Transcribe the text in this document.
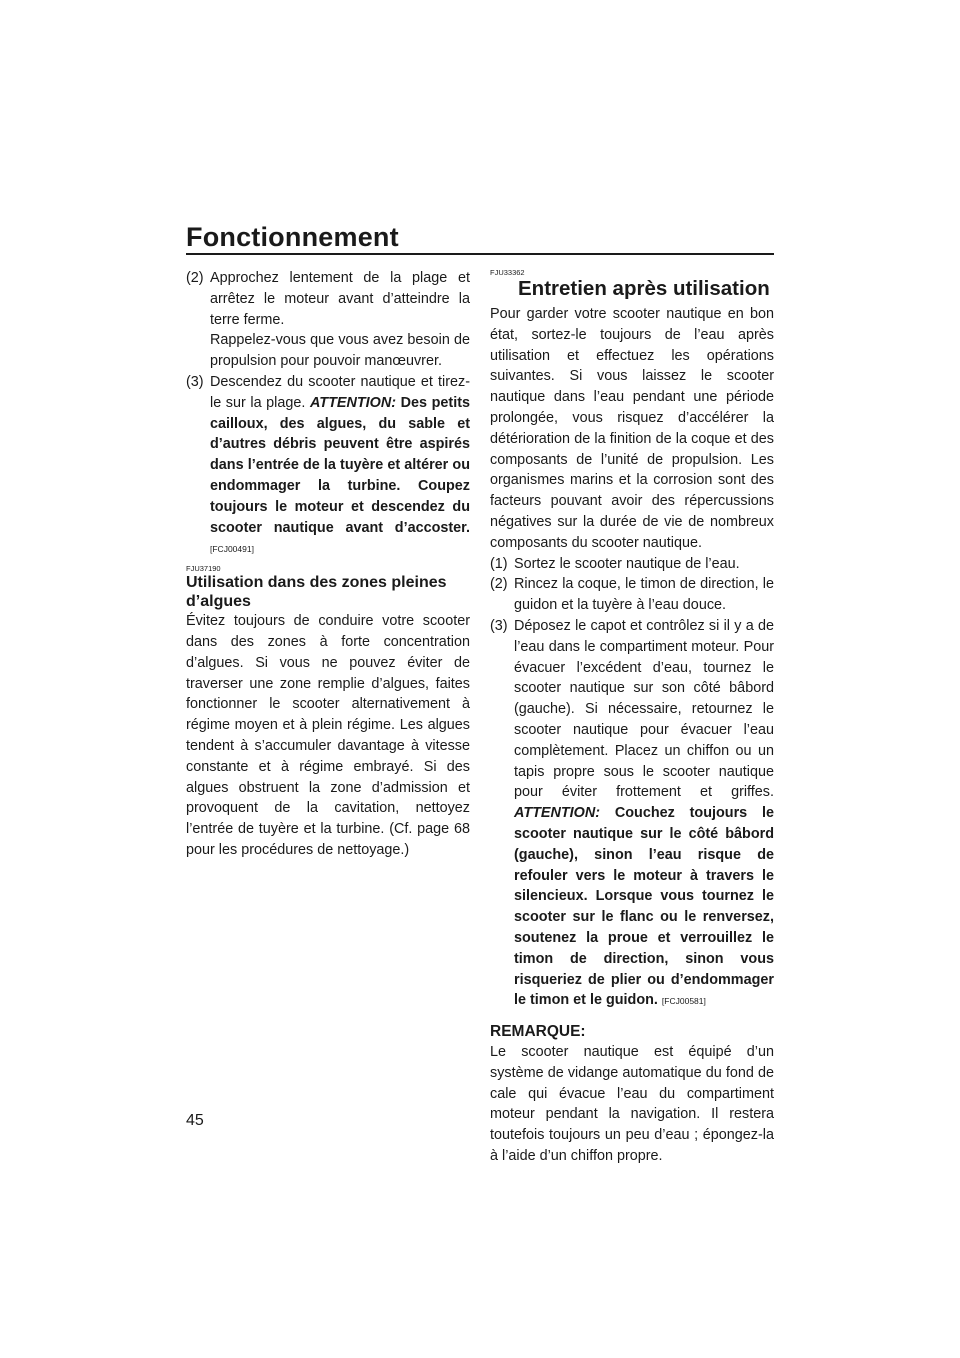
Fonctionnement
(2) Approchez lentement de la plage et arrêtez le moteur avant d’atteindre la terre ferme.

Rappelez-vous que vous avez besoin de propulsion pour pouvoir manœuvrer.

(3) Descendez du scooter nautique et tirez-le sur la plage. ATTENTION: Des petits cailloux, des algues, du sable et d’autres débris peuvent être aspirés dans l’entrée de la tuyère et altérer ou endommager la turbine. Coupez toujours le moteur et descendez du scooter nautique avant d’accoster. [FCJ00491]

FJU37190
Utilisation dans des zones pleines d’algues

Évitez toujours de conduire votre scooter dans des zones à forte concentration d’algues. Si vous ne pouvez éviter de traverser une zone remplie d’algues, faites fonctionner le scooter alternativement à régime moyen et à plein régime. Les algues tendent à s’accumuler davantage à vitesse constante et à régime embrayé. Si des algues obstruent la zone d’admission et provoquent de la cavitation, nettoyez l’entrée de tuyère et la turbine. (Cf. page 68 pour les procédures de nettoyage.)

FJU33362
Entretien après utilisation

Pour garder votre scooter nautique en bon état, sortez-le toujours de l’eau après utilisation et effectuez les opérations suivantes. Si vous laissez le scooter nautique dans l’eau pendant une période prolongée, vous risquez d’accélérer la détérioration de la finition de la coque et des composants de l’unité de propulsion. Les organismes marins et la corrosion sont des facteurs pouvant avoir des répercussions négatives sur la durée de vie de nombreux composants du scooter nautique.

(1) Sortez le scooter nautique de l’eau.

(2) Rincez la coque, le timon de direction, le guidon et la tuyère à l’eau douce.

(3) Déposez le capot et contrôlez si il y a de l’eau dans le compartiment moteur. Pour évacuer l’excédent d’eau, tournez le scooter nautique sur son côté bâbord (gauche). Si nécessaire, retournez le scooter nautique pour évacuer l’eau complètement. Placez un chiffon ou un tapis propre sous le scooter nautique pour éviter frottement et griffes. ATTENTION: Couchez toujours le scooter nautique sur le côté bâbord (gauche), sinon l’eau risque de refouler vers le moteur à travers le silencieux. Lorsque vous tournez le scooter sur le flanc ou le renversez, soutenez la proue et verrouillez le timon de direction, sinon vous risqueriez de plier ou d’endommager le timon et le guidon. [FCJ00581]

REMARQUE:

Le scooter nautique est équipé d’un système de vidange automatique du fond de cale qui évacue l’eau du compartiment moteur pendant la navigation. Il restera toutefois toujours un peu d’eau ; épongez-la à l’aide d’un chiffon propre.

45
